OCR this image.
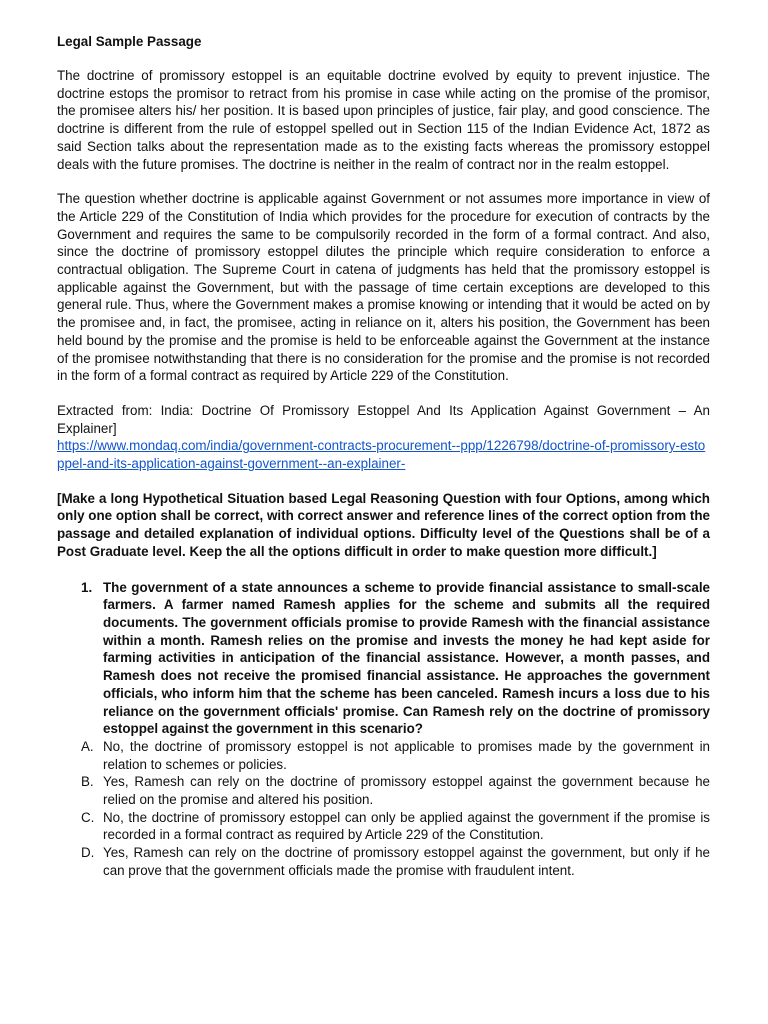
Legal Sample Passage

The doctrine of promissory estoppel is an equitable doctrine evolved by equity to prevent injustice. The doctrine estops the promisor to retract from his promise in case while acting on the promise of the promisor, the promisee alters his/ her position. It is based upon principles of justice, fair play, and good conscience. The doctrine is different from the rule of estoppel spelled out in Section 115 of the Indian Evidence Act, 1872 as said Section talks about the representation made as to the existing facts whereas the promissory estoppel deals with the future promises. The doctrine is neither in the realm of contract nor in the realm estoppel.

The question whether doctrine is applicable against Government or not assumes more importance in view of the Article 229 of the Constitution of India which provides for the procedure for execution of contracts by the Government and requires the same to be compulsorily recorded in the form of a formal contract. And also, since the doctrine of promissory estoppel dilutes the principle which require consideration to enforce a contractual obligation. The Supreme Court in catena of judgments has held that the promissory estoppel is applicable against the Government, but with the passage of time certain exceptions are developed to this general rule. Thus, where the Government makes a promise knowing or intending that it would be acted on by the promisee and, in fact, the promisee, acting in reliance on it, alters his position, the Government has been held bound by the promise and the promise is held to be enforceable against the Government at the instance of the promisee notwithstanding that there is no consideration for the promise and the promise is not recorded in the form of a formal contract as required by Article 229 of the Constitution.

Extracted from: India: Doctrine Of Promissory Estoppel And Its Application Against Government – An Explainer]
https://www.mondaq.com/india/government-contracts-procurement--ppp/1226798/doctrine-of-promissory-estoppel-and-its-application-against-government--an-explainer-

[Make a long Hypothetical Situation based Legal Reasoning Question with four Options, among which only one option shall be correct, with correct answer and reference lines of the correct option from the passage and detailed explanation of individual options. Difficulty level of the Questions shall be of a Post Graduate level. Keep the all the options difficult in order to make question more difficult.]

1. The government of a state announces a scheme to provide financial assistance to small-scale farmers. A farmer named Ramesh applies for the scheme and submits all the required documents. The government officials promise to provide Ramesh with the financial assistance within a month. Ramesh relies on the promise and invests the money he had kept aside for farming activities in anticipation of the financial assistance. However, a month passes, and Ramesh does not receive the promised financial assistance. He approaches the government officials, who inform him that the scheme has been canceled. Ramesh incurs a loss due to his reliance on the government officials' promise. Can Ramesh rely on the doctrine of promissory estoppel against the government in this scenario?
A. No, the doctrine of promissory estoppel is not applicable to promises made by the government in relation to schemes or policies.
B. Yes, Ramesh can rely on the doctrine of promissory estoppel against the government because he relied on the promise and altered his position.
C. No, the doctrine of promissory estoppel can only be applied against the government if the promise is recorded in a formal contract as required by Article 229 of the Constitution.
D. Yes, Ramesh can rely on the doctrine of promissory estoppel against the government, but only if he can prove that the government officials made the promise with fraudulent intent.
